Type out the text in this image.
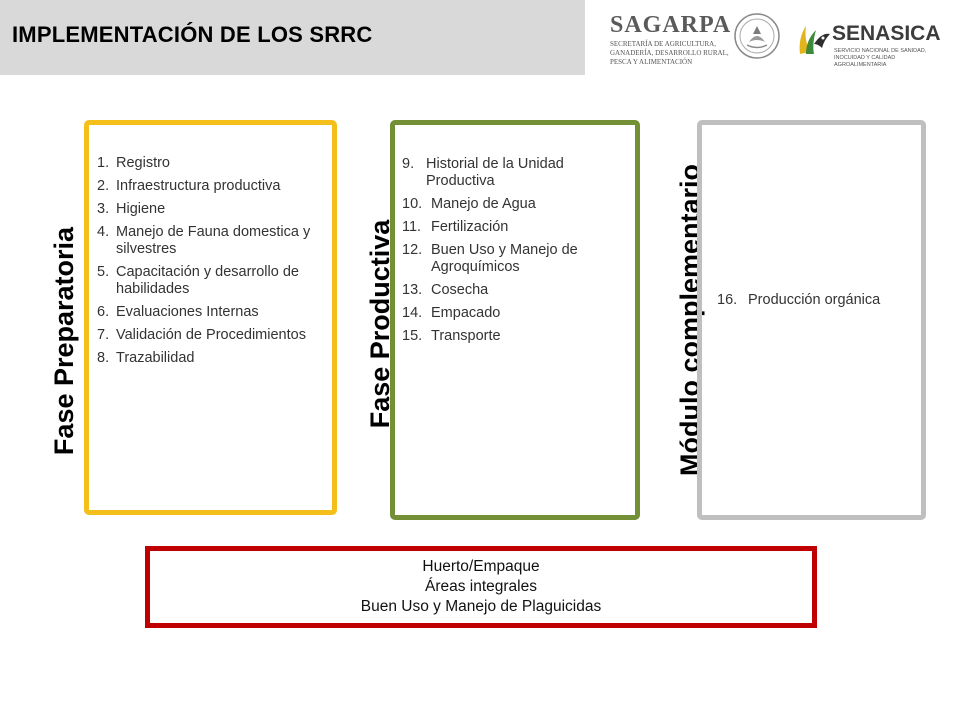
IMPLEMENTACIÓN DE LOS SRRC	SAGARPA
SECRETARÍA DE AGRICULTURA,
GANADERÍA, DESARROLLO RURAL,
PESCA Y ALIMENTACIÓN
SENASICA
SERVICIO NACIONAL DE SANIDAD, INOCUIDAD Y CALIDAD AGROALIMENTARIA
Fase Preparatoria
1. Registro
2. Infraestructura productiva
3. Higiene
4. Manejo de Fauna domestica y silvestres
5. Capacitación y desarrollo de habilidades
6. Evaluaciones Internas
7. Validación de Procedimientos
8. Trazabilidad	Fase Productiva
9. Historial de la Unidad Productiva
10. Manejo de Agua
11. Fertilización
12. Buen Uso y Manejo de Agroquímicos
13. Cosecha
14. Empacado
15. Transporte	Módulo complementario 16. Producción orgánica
Huerto/Empaque
Áreas integrales
Buen Uso y Manejo de Plaguicidas
